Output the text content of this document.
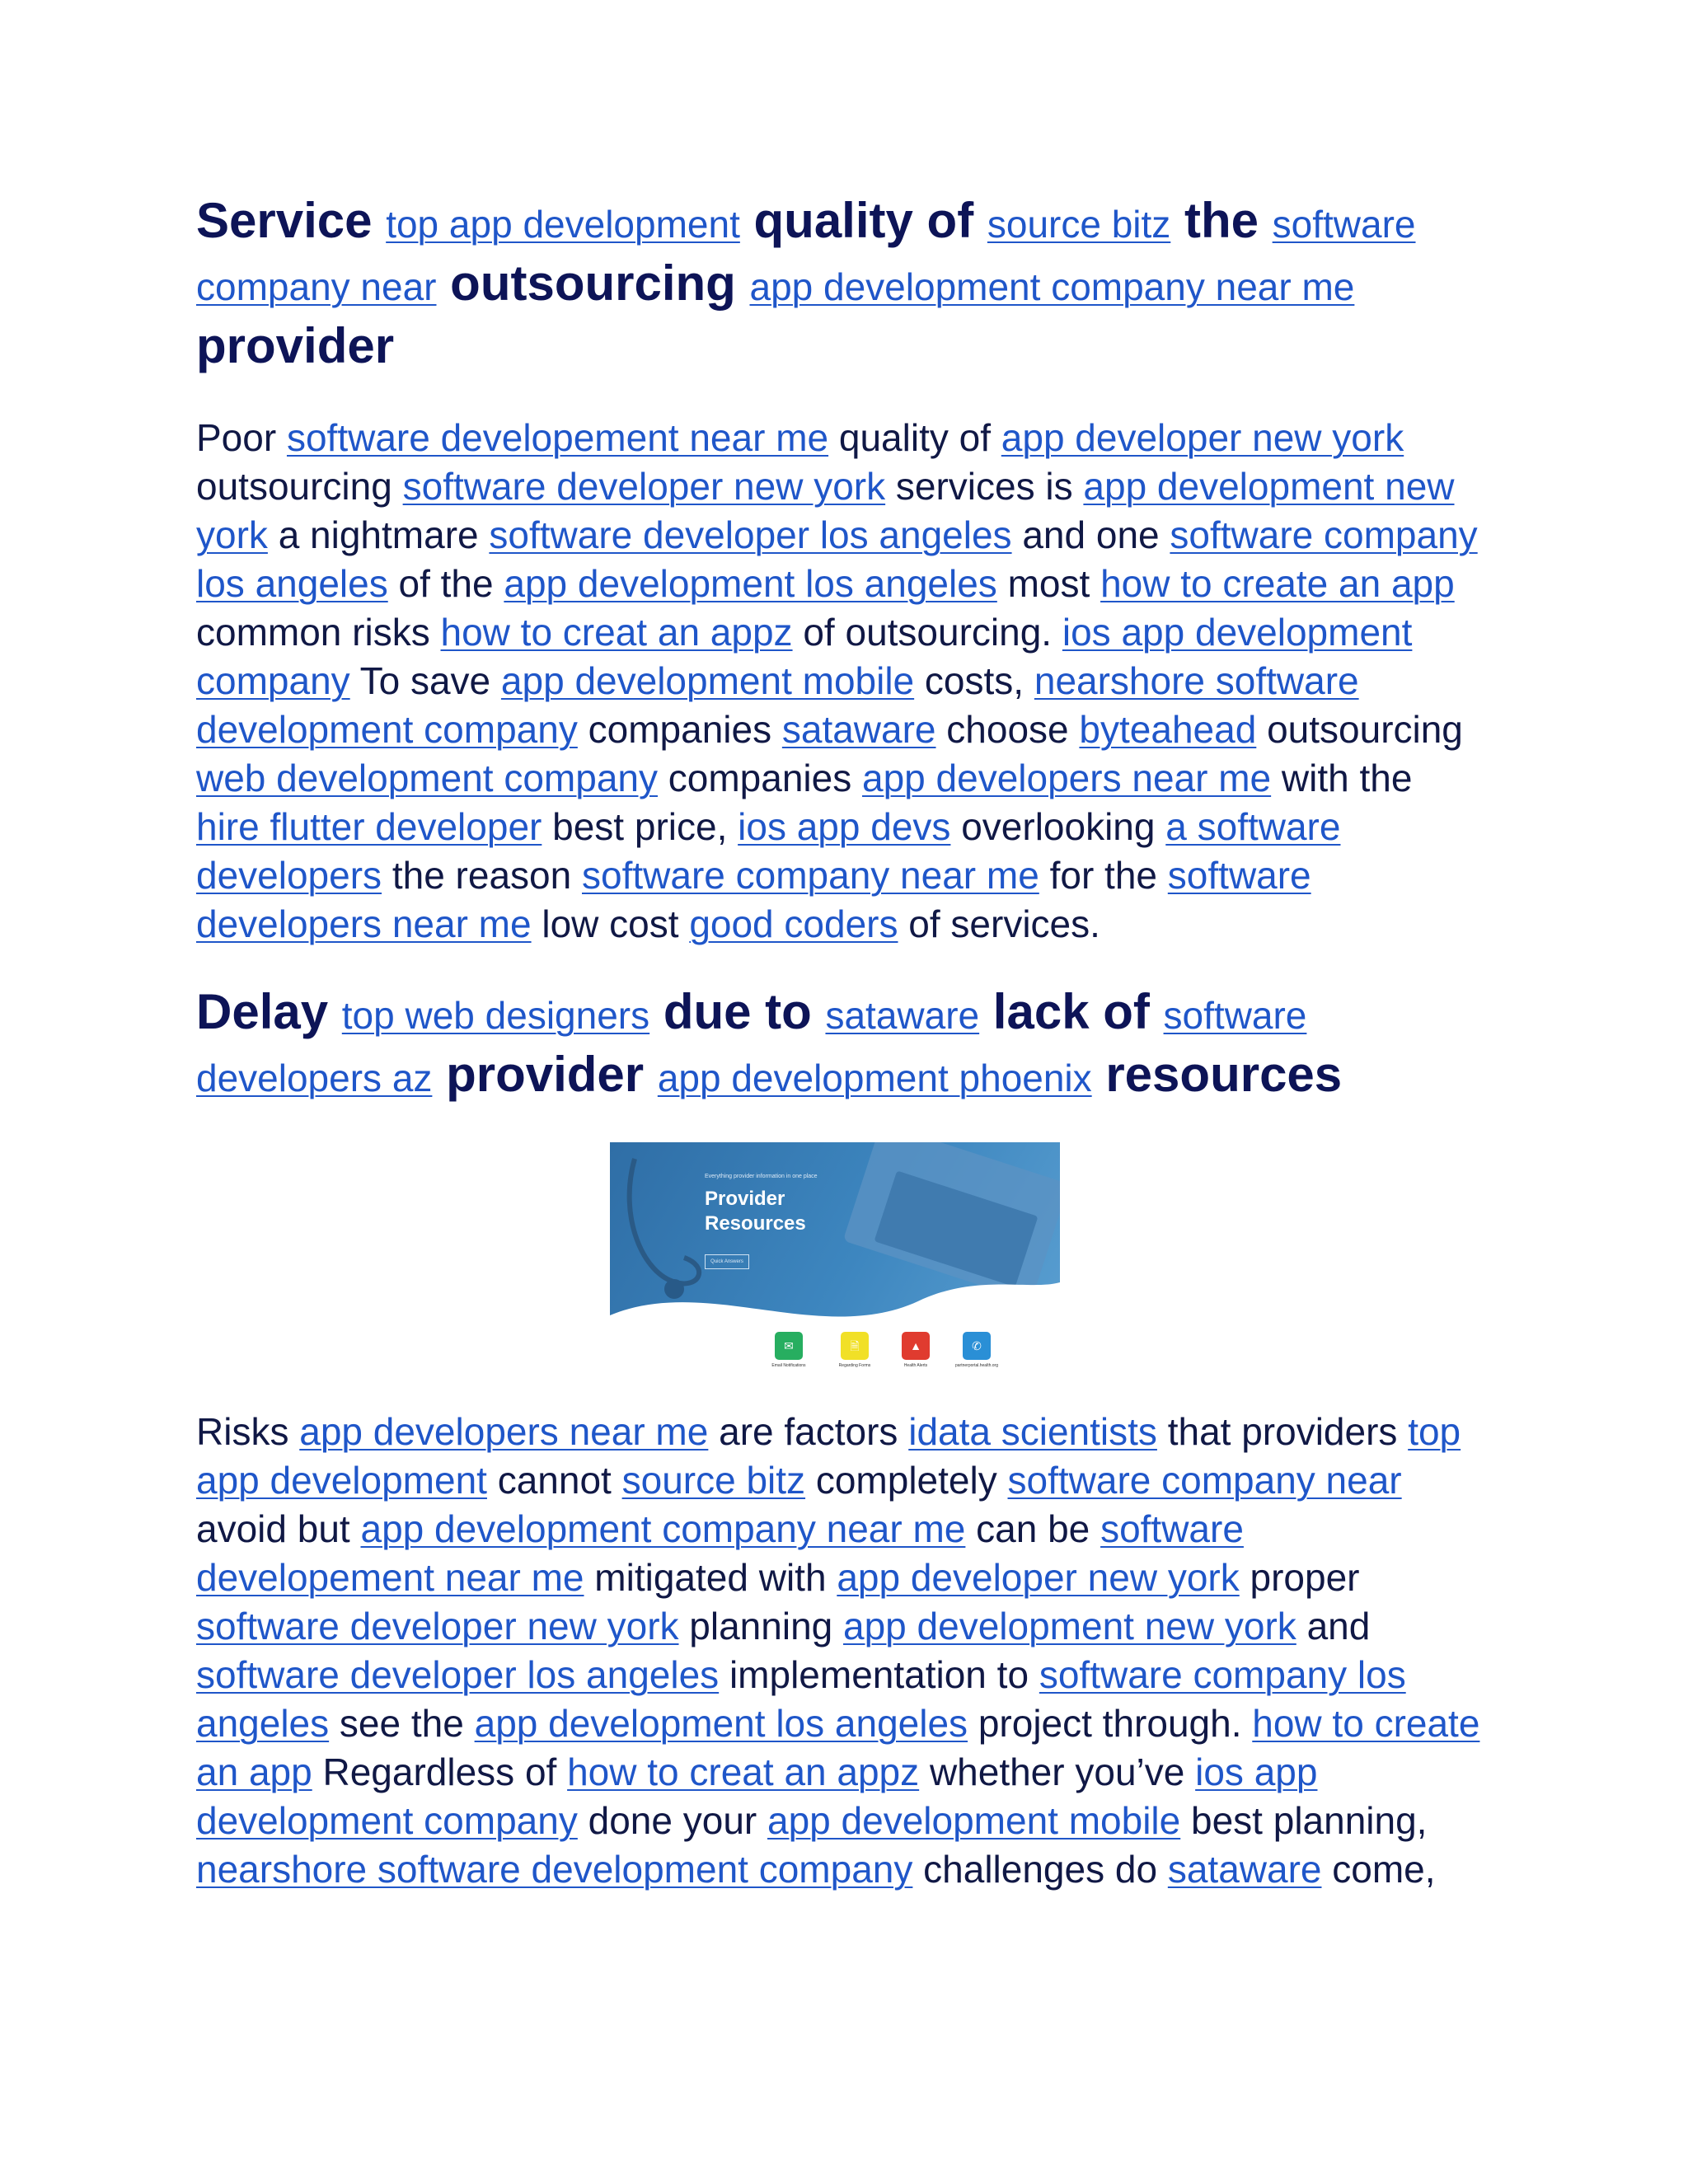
Service top app development quality of source bitz the software company near outsourcing app development company near me provider
Poor software developement near me quality of app developer new york outsourcing software developer new york services is app development new york a nightmare software developer los angeles and one software company los angeles of the app development los angeles most how to create an app common risks how to creat an appz of outsourcing. ios app development company To save app development mobile costs, nearshore software development company companies sataware choose byteahead outsourcing web development company companies app developers near me with the hire flutter developer best price, ios app devs overlooking a software developers the reason software company near me for the software developers near me low cost good coders of services.
Delay top web designers due to sataware lack of software developers az provider app development phoenix resources
Everything provider information in one place
Provider
Resources
Quick Answers
✉	🗎	▲	✆
Email Notifications	Regarding Forms	Health Alerts	partnerportal.health.org
Risks app developers near me are factors idata scientists that providers top app development cannot source bitz completely software company near avoid but app development company near me can be software developement near me mitigated with app developer new york proper software developer new york planning app development new york and software developer los angeles implementation to software company los angeles see the app development los angeles project through. how to create an app Regardless of how to creat an appz whether you’ve ios app development company done your app development mobile best planning, nearshore software development company challenges do sataware come,
